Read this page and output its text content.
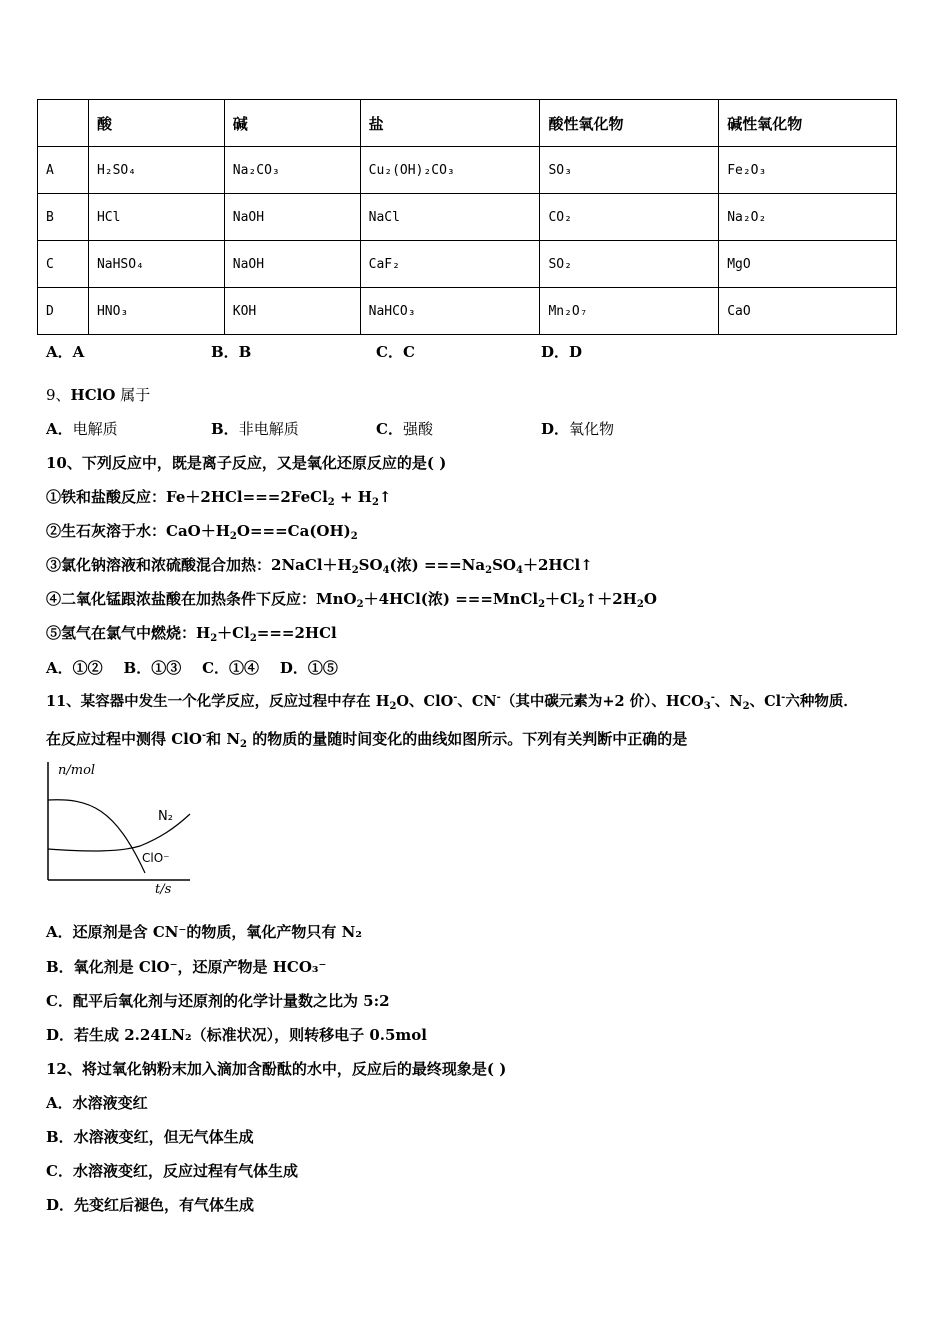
	酸	碱	盐	酸性氧化物	碱性氧化物
A	H₂SO₄	Na₂CO₃	Cu₂(OH)₂CO₃	SO₃	Fe₂O₃
B	HCl	NaOH	NaCl	CO₂	Na₂O₂
C	NaHSO₄	NaOH	CaF₂	SO₂	MgO
D	HNO₃	KOH	NaHCO₃	Mn₂O₇	CaO
A．A	B．B	C．C	D．D
9、HClO 属于
A．电解质	B．非电解质	C．强酸	D．氧化物
10、下列反应中，既是离子反应，又是氧化还原反应的是( )
①铁和盐酸反应：Fe＋2HCl===2FeCl$_2$ + $H_2↑$
②生石灰溶于水：$CaO+H_2O===Ca(OH)_2$
③氯化钠溶液和浓硫酸混合加热：$2NaCl+H_2SO_4$(浓) $===Na_2SO_4+2HCl↑$
④二氧化锰跟浓盐酸在加热条件下反应：MnO$_2$＋4HCl(浓) $===MnCl_2+Cl_2↑+2H_2O$
⑤氢气在氯气中燃烧：$H_2+Cl_2===2HCl$
A．①②    B．①③    C．①④    D．①⑤
11、某容器中发生一个化学反应，反应过程中存在 $H_2O$、ClO-、CN-（其中碳元素为+2 价）、$HCO_3^-$、$N_2$、Cl-六种物质．
在反应过程中测得 ClO-和 $N_2$ 的物质的量随时间变化的曲线如图所示。下列有关判断中正确的是
n/mol
t/s
N₂
ClO⁻
A．还原剂是含 CN⁻的物质，氧化产物只有 N₂
B．氧化剂是 ClO⁻，还原产物是 HCO₃⁻
C．配平后氧化剂与还原剂的化学计量数之比为 5:2
D．若生成 2.24LN₂（标准状况），则转移电子 0.5mol
12、将过氧化钠粉末加入滴加含酚酞的水中，反应后的最终现象是( )
A．水溶液变红
B．水溶液变红，但无气体生成
C．水溶液变红，反应过程有气体生成
D．先变红后褪色，有气体生成
